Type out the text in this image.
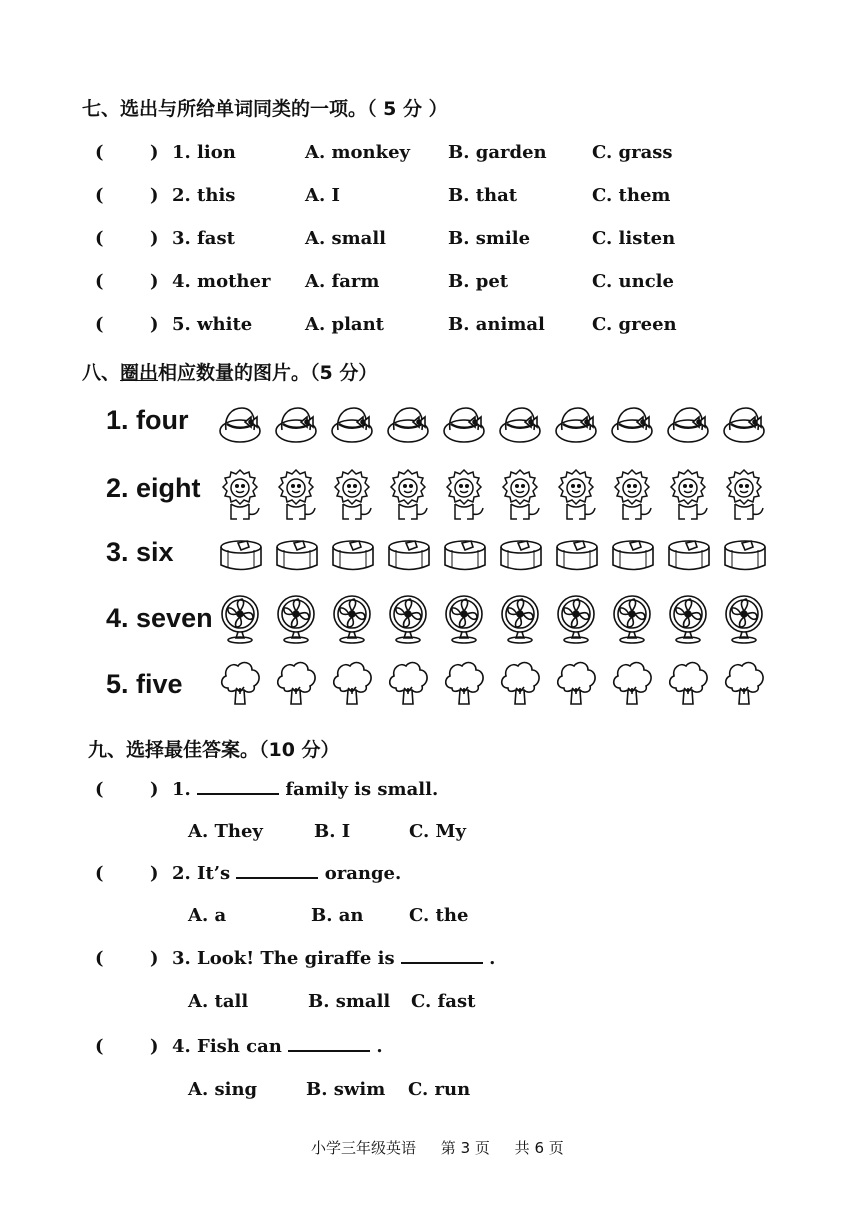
七、选出与所给单词同类的一项。（ 5 分 ）
(	) 1. lion	A. monkey B. garden	C. grass
(	) 2. this	A. I	B. that	C. them
(	) 3. fast	A. small	B. smile	C. listen
(	) 4. mother A. farm	B. pet	C. uncle
(	) 5. white	A. plant	B. animal	C. green
八、圈出相应数量的图片。（5 分）
1. four
2. eight
3. six
4. seven
5. five
九、选择最佳答案。（10 分）
(	) 1.	family is small.
A. They	B. I	C. My
(	) 2. It’s	orange.
A. a	B. an	C. the
(	) 3. Look! The giraffe is	.
A. tall	B. small C. fast
(	) 4. Fish can	.
A. sing	B. swim C. run
小学三年级英语 第 3 页 共 6 页
